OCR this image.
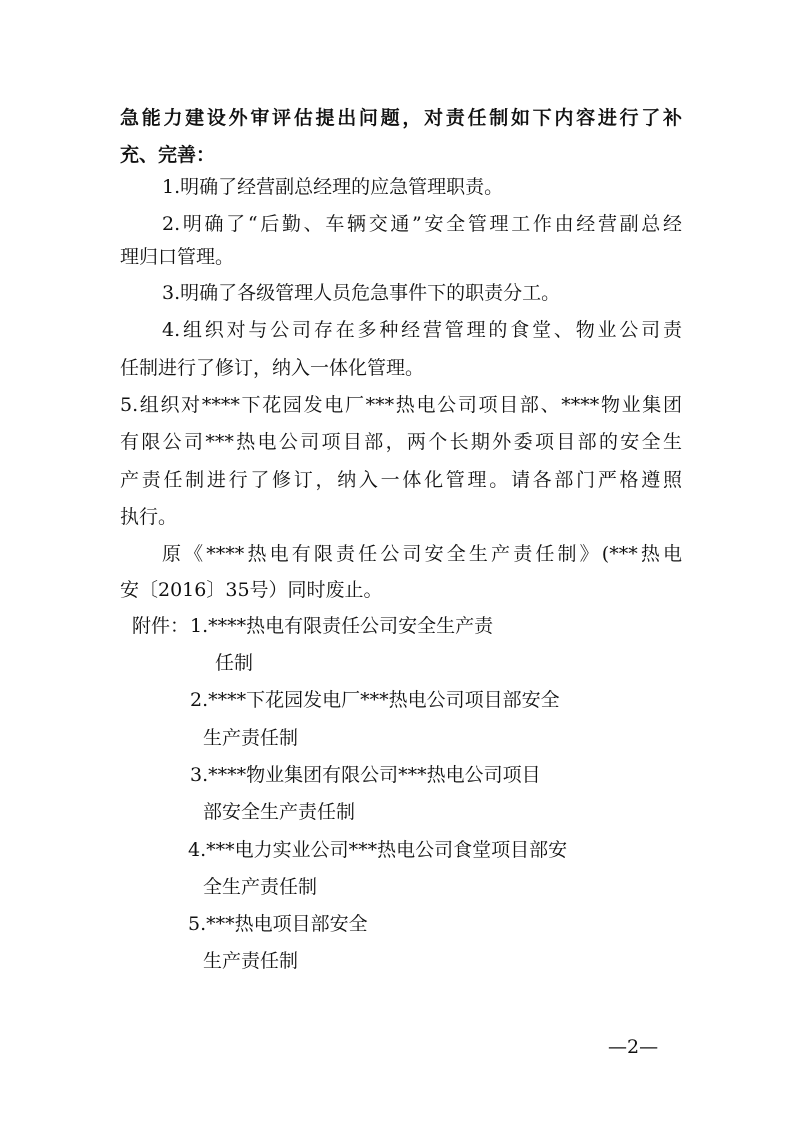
急能力建设外审评估提出问题，对责任制如下内容进行了补
充、完善：
1.明确了经营副总经理的应急管理职责。
2.明确了“后勤、车辆交通”安全管理工作由经营副总经
理归口管理。
3.明确了各级管理人员危急事件下的职责分工。
4.组织对与公司存在多种经营管理的食堂、物业公司责
任制进行了修订，纳入一体化管理。
5.组织对****下花园发电厂***热电公司项目部、****物业集团
有限公司***热电公司项目部，两个长期外委项目部的安全生
产责任制进行了修订，纳入一体化管理。请各部门严格遵照
执行。
原《****热电有限责任公司安全生产责任制》(***热电
安〔2016〕35号）同时废止。
附件： 1.****热电有限责任公司安全生产责
任制
2.****下花园发电厂***热电公司项目部安全
生产责任制
3.****物业集团有限公司***热电公司项目
部安全生产责任制
4.***电力实业公司***热电公司食堂项目部安
全生产责任制
5.***热电项目部安全
生产责任制
—2—
